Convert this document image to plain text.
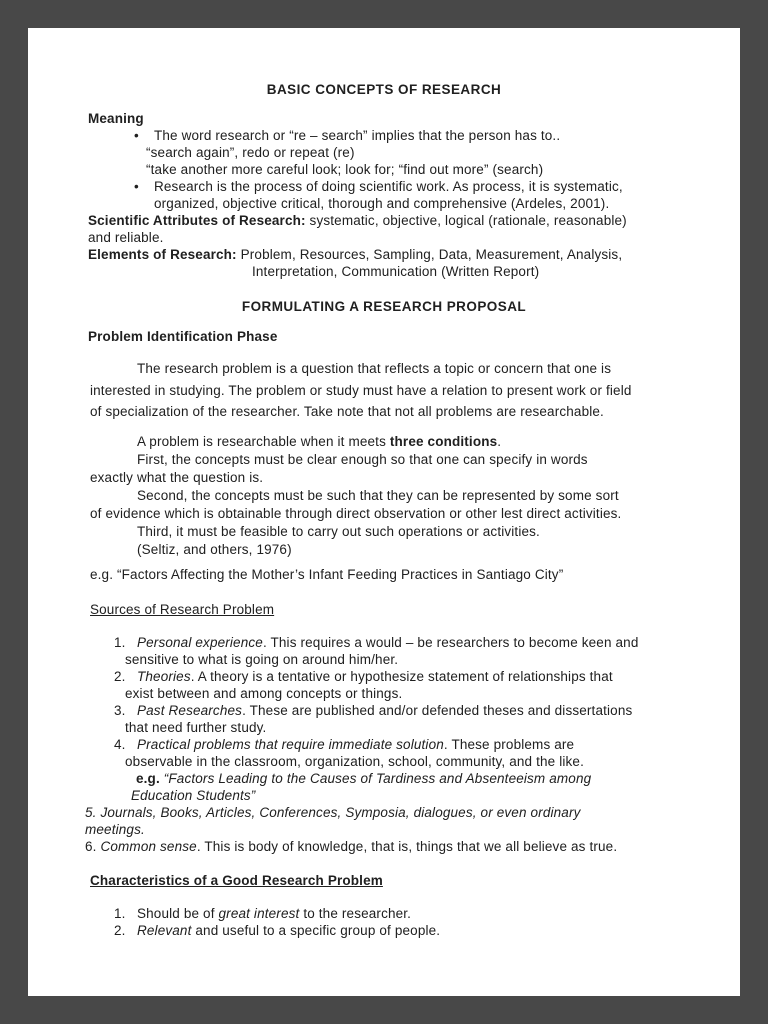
BASIC CONCEPTS OF RESEARCH
Meaning
• The word research or “re – search” implies that the person has to..
“search again”, redo or repeat (re)
“take another more careful look; look for; “find out more” (search)
• Research is the process of doing scientific work. As process, it is systematic,
organized, objective critical, thorough and comprehensive (Ardeles, 2001).
Scientific Attributes of Research: systematic, objective, logical (rationale, reasonable)
and reliable.
Elements of Research: Problem, Resources, Sampling, Data, Measurement, Analysis,
Interpretation, Communication (Written Report)
FORMULATING A RESEARCH PROPOSAL
Problem Identification Phase
The research problem is a question that reflects a topic or concern that one is
interested in studying. The problem or study must have a relation to present work or field
of specialization of the researcher. Take note that not all problems are researchable.
A problem is researchable when it meets three conditions.
First, the concepts must be clear enough so that one can specify in words
exactly what the question is.
Second, the concepts must be such that they can be represented by some sort
of evidence which is obtainable through direct observation or other lest direct activities.
Third, it must be feasible to carry out such operations or activities.
(Seltiz, and others, 1976)
e.g. “Factors Affecting the Mother’s Infant Feeding Practices in Santiago City”
Sources of Research Problem
1. Personal experience. This requires a would – be researchers to become keen and
sensitive to what is going on around him/her.
2. Theories. A theory is a tentative or hypothesize statement of relationships that
exist between and among concepts or things.
3. Past Researches. These are published and/or defended theses and dissertations
that need further study.
4. Practical problems that require immediate solution. These problems are
observable in the classroom, organization, school, community, and the like.
e.g. “Factors Leading to the Causes of Tardiness and Absenteeism among
Education Students”
5. Journals, Books, Articles, Conferences, Symposia, dialogues, or even ordinary
meetings.
6. Common sense. This is body of knowledge, that is, things that we all believe as true.
Characteristics of a Good Research Problem
1. Should be of great interest to the researcher.
2. Relevant and useful to a specific group of people.
